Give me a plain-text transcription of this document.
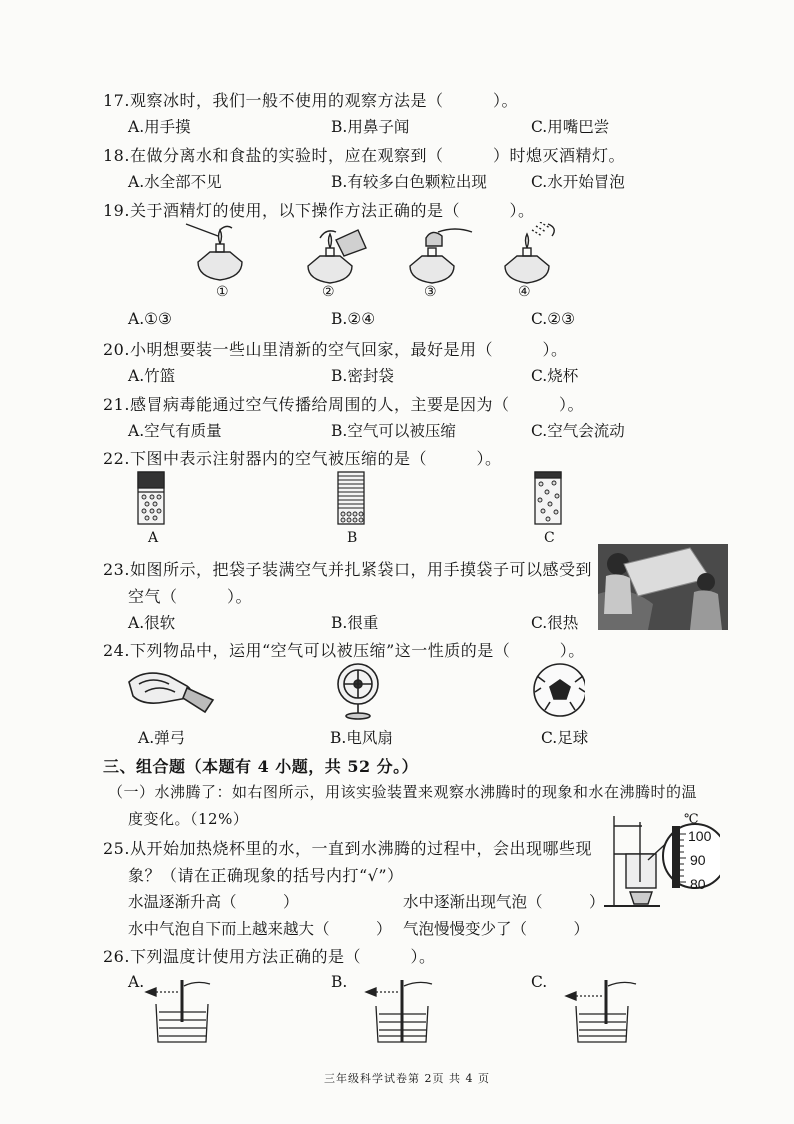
17.观察冰时，我们一般不使用的观察方法是（　　　）。
A.用手摸	B.用鼻子闻	C.用嘴巴尝
18.在做分离水和食盐的实验时，应在观察到（　　　）时熄灭酒精灯。
A.水全部不见	B.有较多白色颗粒出现	C.水开始冒泡
19.关于酒精灯的使用，以下操作方法正确的是（　　　）。
①	②	③	④
A.①③	B.②④	C.②③
20.小明想要装一些山里清新的空气回家，最好是用（　　　）。
A.竹篮	B.密封袋	C.烧杯
21.感冒病毒能通过空气传播给周围的人，主要是因为（　　　）。
A.空气有质量	B.空气可以被压缩	C.空气会流动
22.下图中表示注射器内的空气被压缩的是（　　　）。
A	B	C
23.如图所示，把袋子装满空气并扎紧袋口，用手摸袋子可以感受到
空气（　　　）。
A.很软	B.很重	C.很热
24.下列物品中，运用“空气可以被压缩”这一性质的是（　　　）。
A.弹弓	B.电风扇	C.足球
三、组合题（本题有 4 小题，共 52 分。）
（一）水沸腾了：如右图所示，用该实验装置来观察水沸腾时的现象和水在沸腾时的温
度变化。（12%）
25.从开始加热烧杯里的水，一直到水沸腾的过程中，会出现哪些现
象？（请在正确现象的括号内打“√”）
水温逐渐升高（　　　）	水中逐渐出现气泡（　　　）
水中气泡自下而上越来越大（　　　） 气泡慢慢变少了（　　　）
℃
100
90
80
26.下列温度计使用方法正确的是（　　　）。
A.	B.	C.
三年级科学试卷第 2页 共 4 页
